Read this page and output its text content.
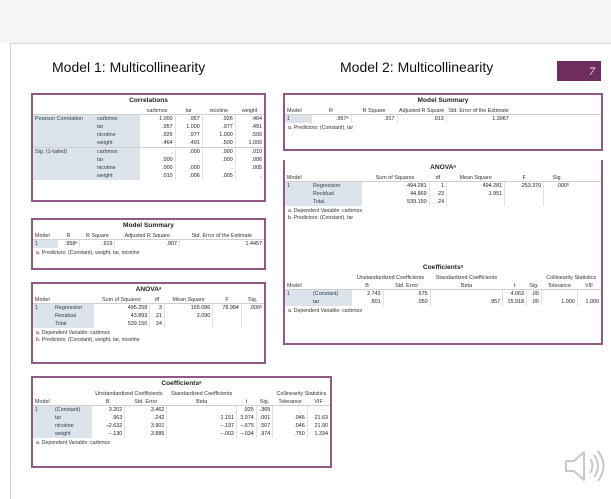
Model 1: Multicollinearity	Model 2: Multicollinearity	7
Correlations
		carbmox	tar	nicotine	weight
Pearson Correlation	carbmox	1.000	.957	.926	.464
	tar	.957	1.000	.977	.491
	nicotine	.926	.977	1.000	.500
	weight	.464	.491	.500	1.000
Sig. (1-tailed)	carbmox	.	.000	.000	.010
	tar	.000	.	.000	.006
	nicotine	.000	.000	.	.005
	weight	.010	.006	.005	.
Model Summary
Model	R	R Square	Adjusted R Square	Std. Error of the Estimate
1	.958ᵃ	.919	.907	1.4457
a. Predictors: (Constant), weight, tar, nicotine
ANOVAᵃ
Model		Sum of Squares	df	Mean Square	F	Sig.
1	Regression	495.258	3	165.086	78.984	.000ᵇ
	Residual	43.893	21	2.090		
	Total	539.150	24			
a. Dependent Variable: carbmox
b. Predictors: (Constant), weight, tar, nicotine
Coefficientsᵃ
		Unstandardized Coefficients		Standardized Coefficients			Collinearity Statistics	
Model		B	Std. Error	Beta	t	Sig.	Tolerance	VIF
1	(Constant)	3.202	3.462		.925	.365		
	tar	.963	.242	1.151	3.974	.001	.046	21.63
	nicotine	−2.632	3.901	−.197	−.675	.507	.046	21.90
	weight	−.130	3.885	−.002	−.034	.974	.750	1.334
a. Dependent Variable: carbmox
Model Summary
Model	R	R Square	Adjusted R Square	Std. Error of the Estimate	
1	.957ᵃ	.917	.913	1.3967	
a. Predictors: (Constant), tar
ANOVAᵃ
Model		Sum of Squares	df	Mean Square	F	Sig.	
1	Regression	494.281	1	494.281	253.370	.000ᵇ	
	Residual	44.869	23	1.951			
	Total	539.150	24				
a. Dependent Variable: carbmox
b. Predictors: (Constant), tar
Coefficientsᵃ
		Unstandardized Coefficients		Standardized Coefficients			Collinearity Statistics	
Model		B	Std. Error	Beta	t	Sig.	Tolerance	VIF
1	(Constant)	2.743	.675		4.063	.00		
	tar	.801	.050	.957	15.918	.00	1.000	1.000
a. Dependent Variable: carbmox
